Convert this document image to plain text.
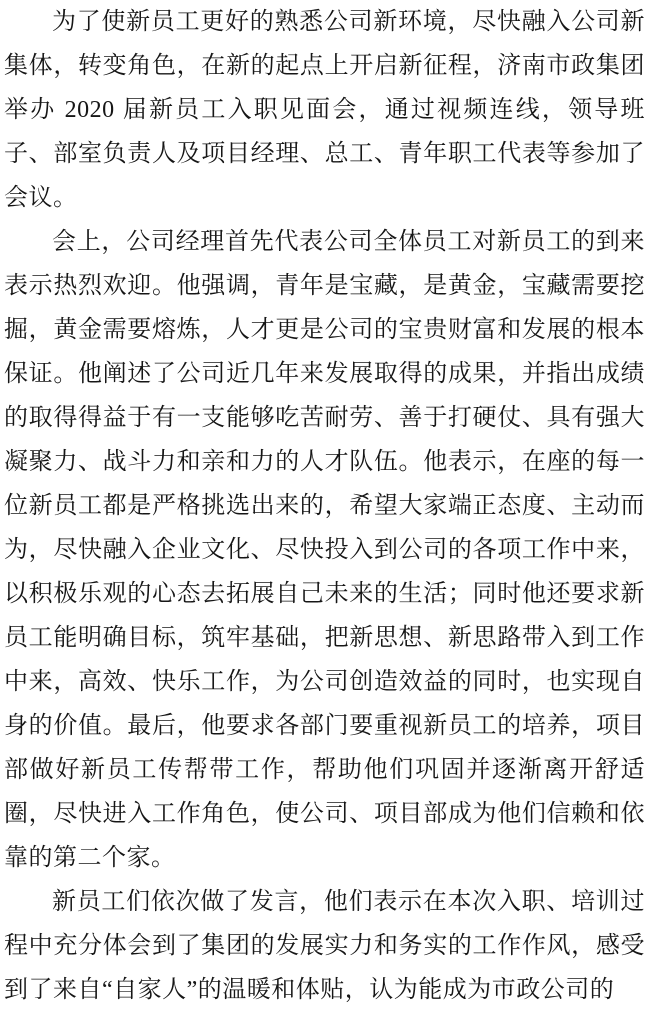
为了使新员工更好的熟悉公司新环境，尽快融入公司新集体，转变角色，在新的起点上开启新征程，济南市政集团举办 2020 届新员工入职见面会，通过视频连线，领导班子、部室负责人及项目经理、总工、青年职工代表等参加了会议。

会上，公司经理首先代表公司全体员工对新员工的到来表示热烈欢迎。他强调，青年是宝藏，是黄金，宝藏需要挖掘，黄金需要熔炼，人才更是公司的宝贵财富和发展的根本保证。他阐述了公司近几年来发展取得的成果，并指出成绩的取得得益于有一支能够吃苦耐劳、善于打硬仗、具有强大凝聚力、战斗力和亲和力的人才队伍。他表示，在座的每一位新员工都是严格挑选出来的，希望大家端正态度、主动而为，尽快融入企业文化、尽快投入到公司的各项工作中来，以积极乐观的心态去拓展自己未来的生活；同时他还要求新员工能明确目标，筑牢基础，把新思想、新思路带入到工作中来，高效、快乐工作，为公司创造效益的同时，也实现自身的价值。最后，他要求各部门要重视新员工的培养，项目部做好新员工传帮带工作，帮助他们巩固并逐渐离开舒适圈，尽快进入工作角色，使公司、项目部成为他们信赖和依靠的第二个家。

新员工们依次做了发言，他们表示在本次入职、培训过程中充分体会到了集团的发展实力和务实的工作作风，感受到了来自“自家人”的温暖和体贴，认为能成为市政公司的
